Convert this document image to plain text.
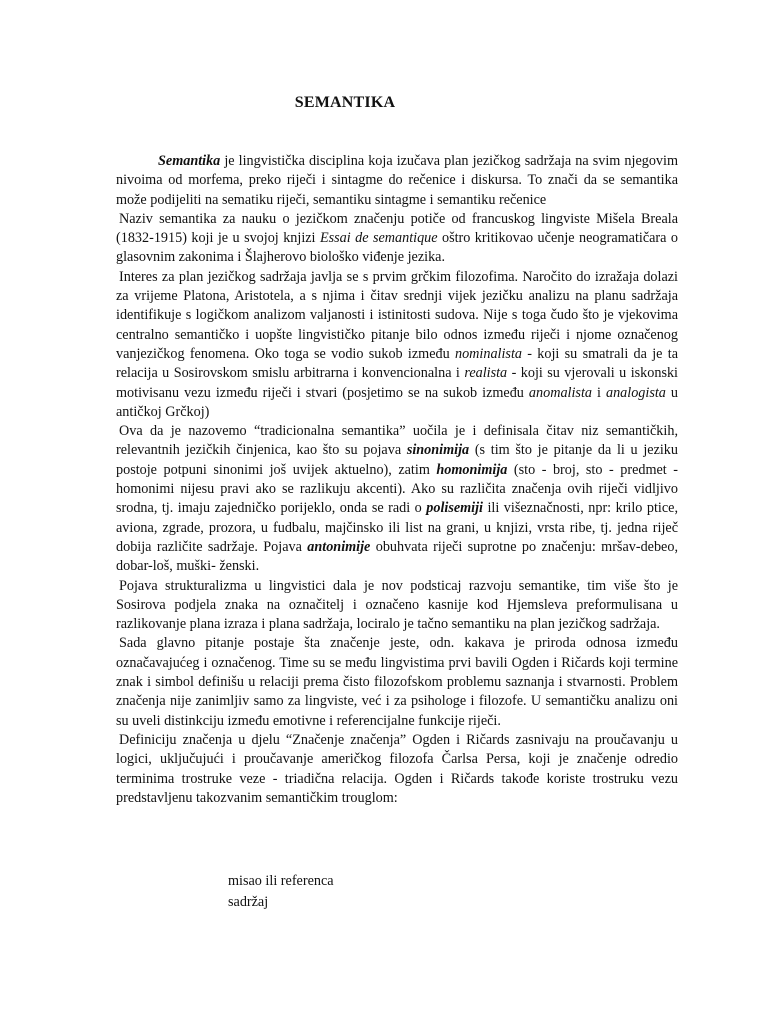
SEMANTIKA

Semantika je lingvistička disciplina koja izučava plan jezičkog sadržaja na svim njegovim nivoima od morfema, preko riječi i sintagme do rečenice i diskursa. To znači da se semantika može podijeliti na sematiku riječi, semantiku sintagme i semantiku rečenice

Naziv semantika za nauku o jezičkom značenju potiče od francuskog lingviste Mišela Breala (1832-1915) koji je u svojoj knjizi Essai de semantique oštro kritikovao učenje neogramatičara o glasovnim zakonima i Šlajherovo biološko viđenje jezika.

Interes za plan jezičkog sadržaja javlja se s prvim grčkim filozofima. Naročito do izražaja dolazi za vrijeme Platona, Aristotela, a s njima i čitav srednji vijek jezičku analizu na planu sadržaja identifikuje s logičkom analizom valjanosti i istinitosti sudova. Nije s toga čudo što je vjekovima centralno semantičko i uopšte lingvističko pitanje bilo odnos između riječi i njome označenog vanjezičkog fenomena. Oko toga se vodio sukob između nominalista - koji su smatrali da je ta relacija u Sosirovskom smislu arbitrarna i konvencionalna i realista - koji su vjerovali u iskonski motivisanu vezu između riječi i stvari (posjetimo se na sukob između anomalista i analogista u antičkoj Grčkoj)

Ova da je nazovemo “tradicionalna semantika” uočila je i definisala čitav niz semantičkih, relevantnih jezičkih činjenica, kao što su pojava sinonimija (s tim što je pitanje da li u jeziku postoje potpuni sinonimi još uvijek aktuelno), zatim homonimija (sto - broj, sto - predmet - homonimi nijesu pravi ako se razlikuju akcenti). Ako su različita značenja ovih riječi vidljivo srodna, tj. imaju zajedničko porijeklo, onda se radi o polisemiji ili višeznačnosti, npr: krilo ptice, aviona, zgrade, prozora, u fudbalu, majčinsko ili list na grani, u knjizi, vrsta ribe, tj. jedna riječ dobija različite sadržaje. Pojava antonimije obuhvata riječi suprotne po značenju: mršav-debeo, dobar-loš, muški- ženski.

Pojava strukturalizma u lingvistici dala je nov podsticaj razvoju semantike, tim više što je Sosirova podjela znaka na označitelj i označeno kasnije kod Hjemsleva preformulisana u razlikovanje plana izraza i plana sadržaja, lociralo je tačno semantiku na plan jezičkog sadržaja.

Sada glavno pitanje postaje šta značenje jeste, odn. kakava je priroda odnosa između označavajućeg i označenog. Time su se među lingvistima prvi bavili Ogden i Ričards koji termine znak i simbol definišu u relaciji prema čisto filozofskom problemu saznanja i stvarnosti. Problem značenja nije zanimljiv samo za lingviste, već i za psihologe i filozofe. U semantičku analizu oni su uveli distinkciju između emotivne i referencijalne funkcije riječi.

Definiciju značenja u djelu “Značenje značenja” Ogden i Ričards zasnivaju na proučavanju u logici, uključujući i proučavanje američkog filozofa Čarlsa Persa, koji je značenje odredio terminima trostruke veze - triadična relacija. Ogden i Ričards takođe koriste trostruku vezu predstavljenu takozvanim semantičkim trouglom:

misao ili referenca
sadržaj
